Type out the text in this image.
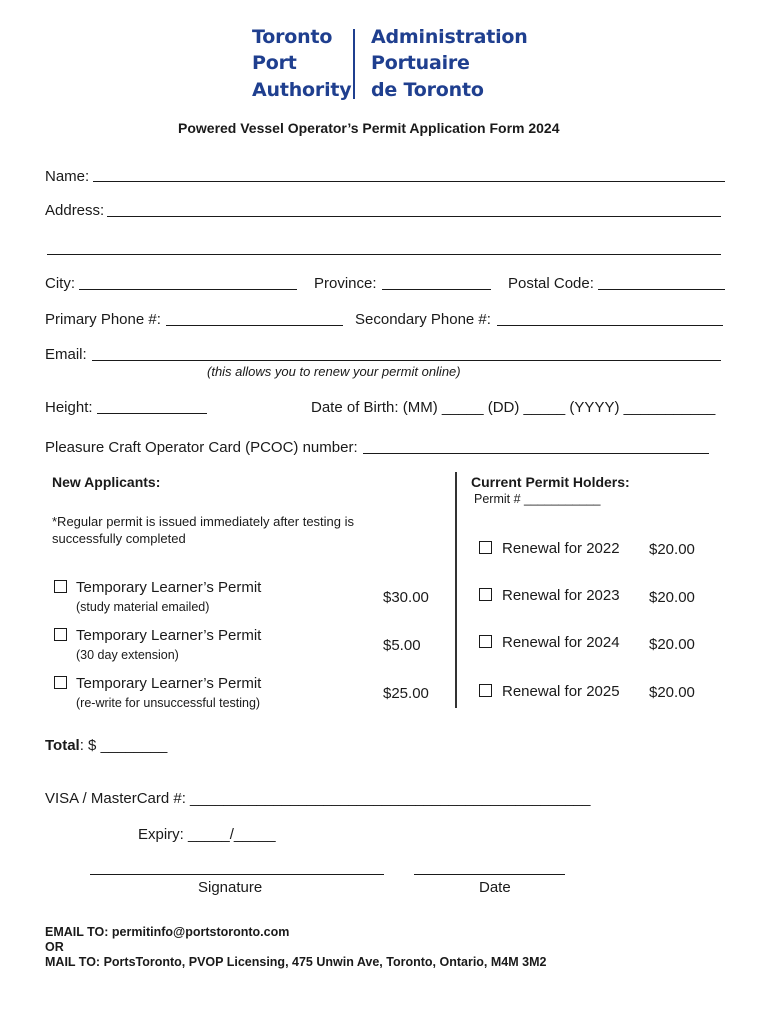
Toronto
Port
Authority
Administration
Portuaire
de Toronto
Powered Vessel Operator’s Permit Application Form 2024
Name:
Address:
City:	Province:	Postal Code:
Primary Phone #:	Secondary Phone #:
Email:
(this allows you to renew your permit online)
Height:	Date of Birth: (MM) _____ (DD) _____ (YYYY) ___________
Pleasure Craft Operator Card (PCOC) number:
New Applicants:
*Regular permit is issued immediately after testing is
successfully completed
Temporary Learner’s Permit
(study material emailed)
$30.00
Temporary Learner’s Permit
(30 day extension)
$5.00
Temporary Learner’s Permit
(re-write for unsuccessful testing)
$25.00
Current Permit Holders:
Permit # ___________
Renewal for 2022 $20.00
Renewal for 2023 $20.00
Renewal for 2024 $20.00
Renewal for 2025 $20.00
Total: $ ________
VISA / MasterCard #: ________________________________________________
Expiry: _____/_____
Signature	Date
EMAIL TO: permitinfo@portstoronto.com
OR
MAIL TO: PortsToronto, PVOP Licensing, 475 Unwin Ave, Toronto, Ontario, M4M 3M2
